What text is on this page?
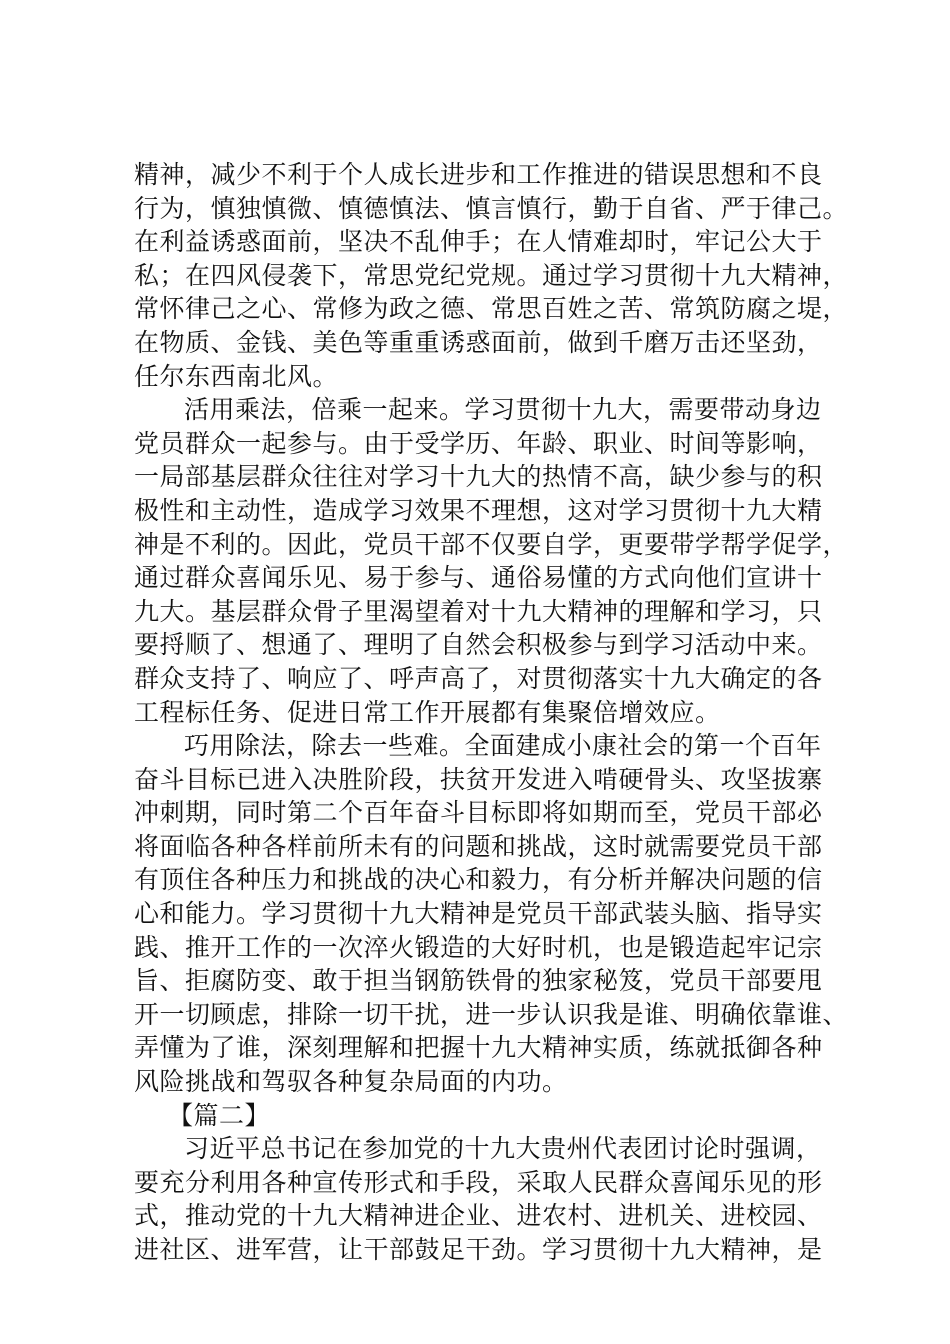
精神，减少不利于个人成长进步和工作推进的错误思想和不良
行为，慎独慎微、慎德慎法、慎言慎行，勤于自省、严于律己。
在利益诱惑面前，坚决不乱伸手；在人情难却时，牢记公大于
私；在四风侵袭下，常思党纪党规。通过学习贯彻十九大精神，
常怀律己之心、常修为政之德、常思百姓之苦、常筑防腐之堤，
在物质、金钱、美色等重重诱惑面前，做到千磨万击还坚劲，
任尔东西南北风。
活用乘法，倍乘一起来。学习贯彻十九大，需要带动身边
党员群众一起参与。由于受学历、年龄、职业、时间等影响，
一局部基层群众往往对学习十九大的热情不高，缺少参与的积
极性和主动性，造成学习效果不理想，这对学习贯彻十九大精
神是不利的。因此，党员干部不仅要自学，更要带学帮学促学，
通过群众喜闻乐见、易于参与、通俗易懂的方式向他们宣讲十
九大。基层群众骨子里渴望着对十九大精神的理解和学习，只
要捋顺了、想通了、理明了自然会积极参与到学习活动中来。
群众支持了、响应了、呼声高了，对贯彻落实十九大确定的各
工程标任务、促进日常工作开展都有集聚倍增效应。
巧用除法，除去一些难。全面建成小康社会的第一个百年
奋斗目标已进入决胜阶段，扶贫开发进入啃硬骨头、攻坚拔寨
冲刺期，同时第二个百年奋斗目标即将如期而至，党员干部必
将面临各种各样前所未有的问题和挑战，这时就需要党员干部
有顶住各种压力和挑战的决心和毅力，有分析并解决问题的信
心和能力。学习贯彻十九大精神是党员干部武装头脑、指导实
践、推开工作的一次淬火锻造的大好时机，也是锻造起牢记宗
旨、拒腐防变、敢于担当钢筋铁骨的独家秘笈，党员干部要甩
开一切顾虑，排除一切干扰，进一步认识我是谁、明确依靠谁、
弄懂为了谁，深刻理解和把握十九大精神实质，练就抵御各种
风险挑战和驾驭各种复杂局面的内功。
【篇二】
习近平总书记在参加党的十九大贵州代表团讨论时强调，
要充分利用各种宣传形式和手段，采取人民群众喜闻乐见的形
式，推动党的十九大精神进企业、进农村、进机关、进校园、
进社区、进军营，让干部鼓足干劲。学习贯彻十九大精神，是
